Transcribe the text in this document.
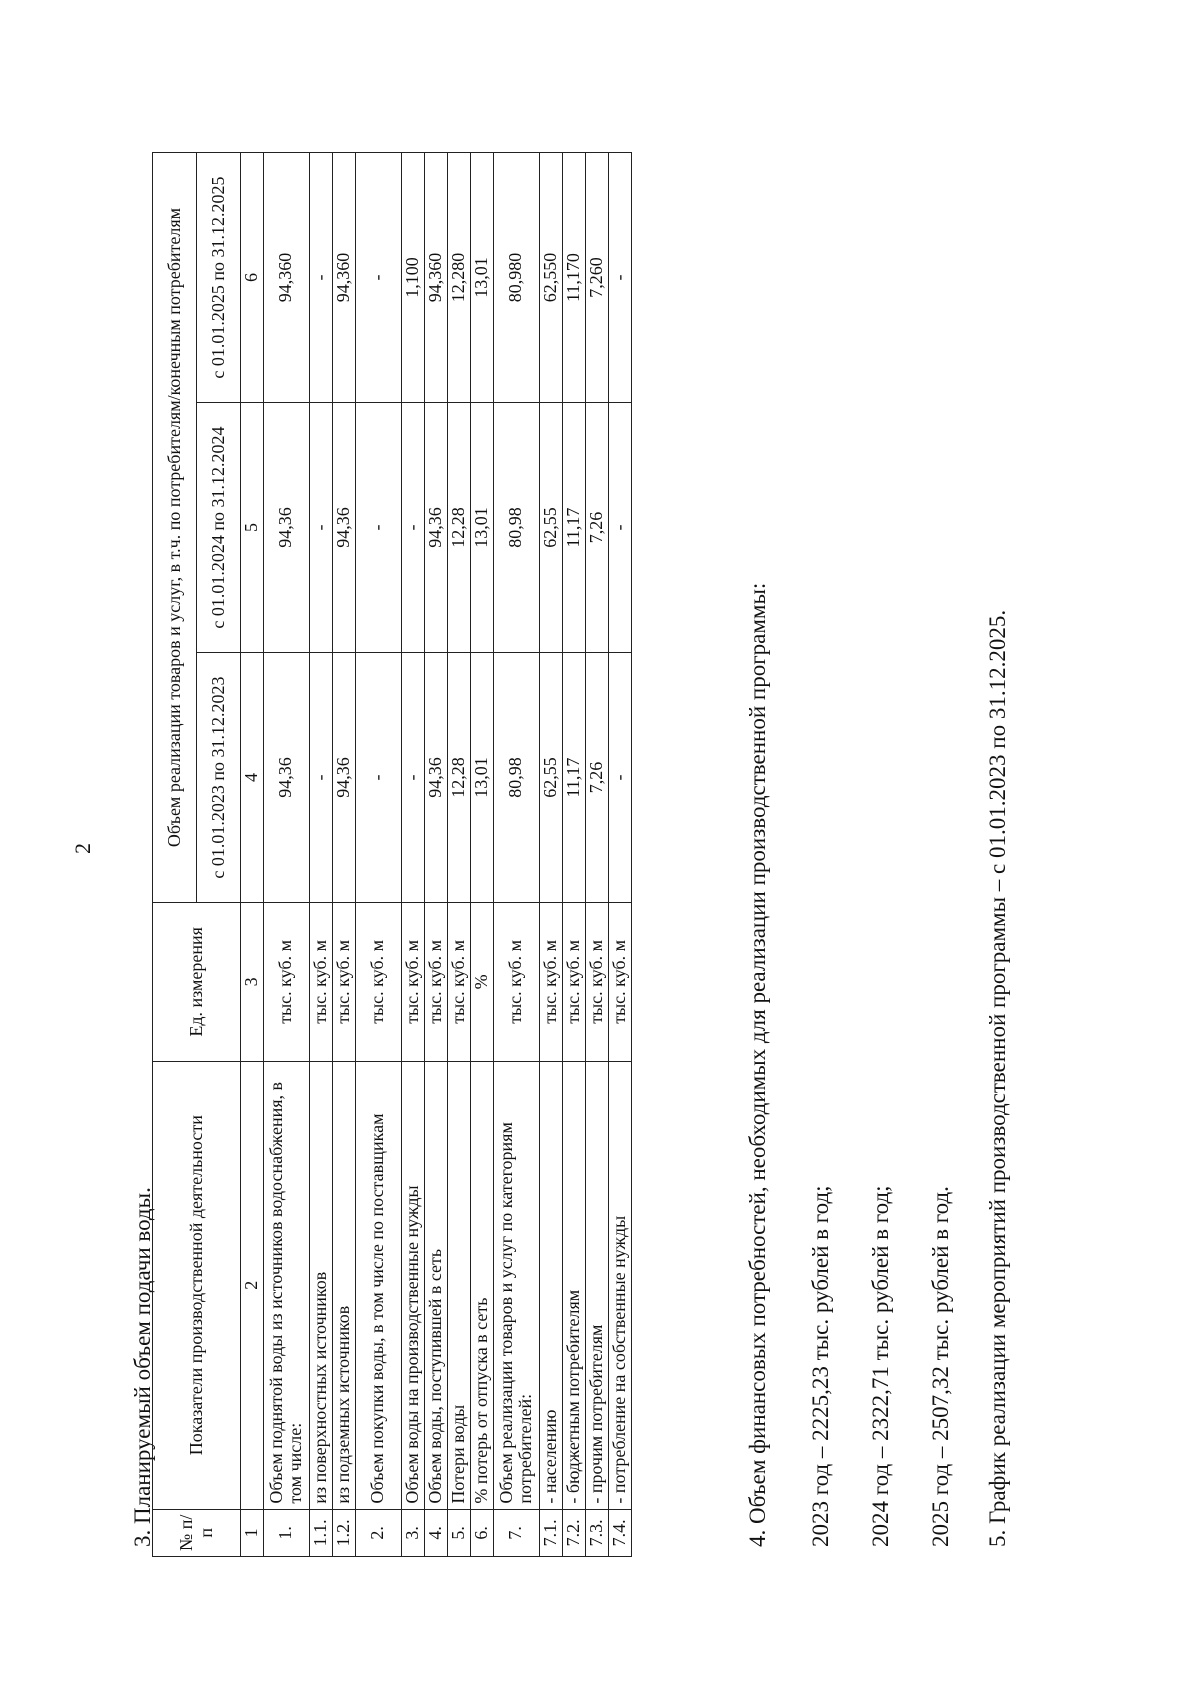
2
3. Планируемый объем подачи воды. № п/п	Показатели производственной деятельности	Ед. измерения	Объем реализации товаров и услуг, в т.ч. по потребителям/конечным потребителям		
			с 01.01.2023 по 31.12.2023	с 01.01.2024 по 31.12.2024	с 01.01.2025 по 31.12.2025
1	2	3	4	5	6
1.	Объем поднятой воды из источников водоснабжения, в том числе:	тыс. куб. м	94,36	94,36	94,360
1.1.	из поверхностных источников	тыс. куб. м	-	-	-
1.2.	из подземных источников	тыс. куб. м	94,36	94,36	94,360
2.	Объем покупки воды, в том числе по поставщикам	тыс. куб. м	-	-	-
3.	Объем воды на производственные нужды	тыс. куб. м	-	-	1,100
4.	Объем воды, поступившей в сеть	тыс. куб. м	94,36	94,36	94,360
5.	Потери воды	тыс. куб. м	12,28	12,28	12,280
6.	% потерь от отпуска в сеть	%	13,01	13,01	13,01
7.	Объем реализации товаров и услуг по категориям потребителей:	тыс. куб. м	80,98	80,98	80,980
7.1.	- населению	тыс. куб. м	62,55	62,55	62,550
7.2.	- бюджетным потребителям	тыс. куб. м	11,17	11,17	11,170
7.3.	- прочим потребителям	тыс. куб. м	7,26	7,26	7,260
7.4.	- потребление на собственные нужды	тыс. куб. м	-	-	-
4. Объем финансовых потребностей, необходимых для реализации производственной программы: 2023 год – 2225,23 тыс. рублей в год; 2024 год – 2322,71 тыс. рублей в год; 2025 год – 2507,32 тыс. рублей в год. 5. График реализации мероприятий производственной программы – с 01.01.2023 по 31.12.2025.
